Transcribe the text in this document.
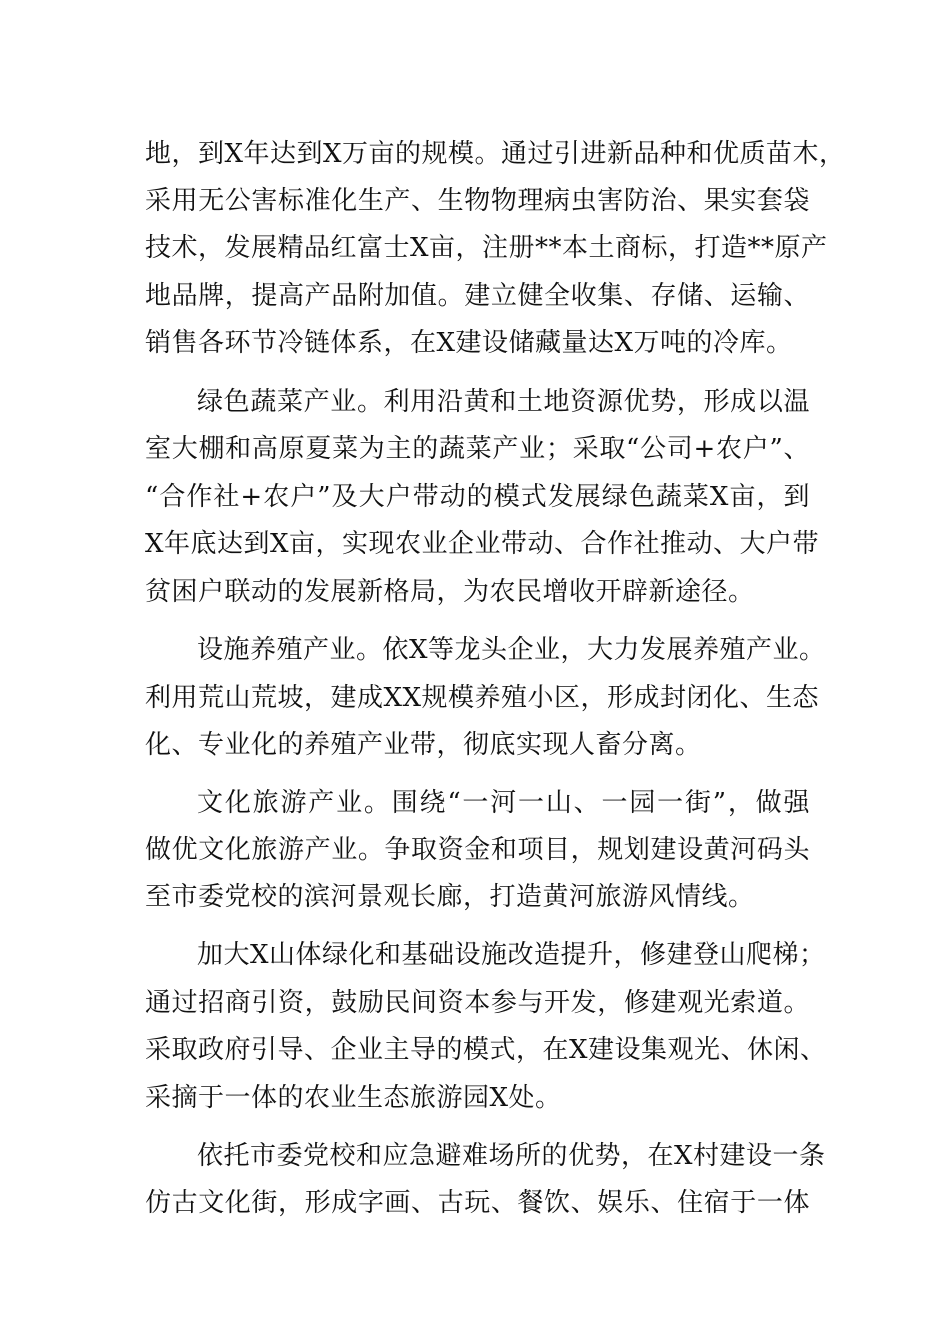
地，到X年达到X万亩的规模。通过引进新品种和优质苗木，
采用无公害标准化生产、生物物理病虫害防治、果实套袋
技术，发展精品红富士X亩，注册**本土商标，打造**原产
地品牌，提高产品附加值。建立健全收集、存储、运输、
销售各环节冷链体系，在X建设储藏量达X万吨的冷库。
绿色蔬菜产业。利用沿黄和土地资源优势，形成以温
室大棚和高原夏菜为主的蔬菜产业；采取“公司+农户”、
“合作社+农户”及大户带动的模式发展绿色蔬菜X亩，到
X年底达到X亩，实现农业企业带动、合作社推动、大户带
贫困户联动的发展新格局，为农民增收开辟新途径。
设施养殖产业。依X等龙头企业，大力发展养殖产业。
利用荒山荒坡，建成XX规模养殖小区，形成封闭化、生态
化、专业化的养殖产业带，彻底实现人畜分离。
文化旅游产业。围绕“一河一山、一园一街”，做强
做优文化旅游产业。争取资金和项目，规划建设黄河码头
至市委党校的滨河景观长廊，打造黄河旅游风情线。
加大X山体绿化和基础设施改造提升，修建登山爬梯；
通过招商引资，鼓励民间资本参与开发，修建观光索道。
采取政府引导、企业主导的模式，在X建设集观光、休闲、
采摘于一体的农业生态旅游园X处。
依托市委党校和应急避难场所的优势，在X村建设一条
仿古文化街，形成字画、古玩、餐饮、娱乐、住宿于一体
